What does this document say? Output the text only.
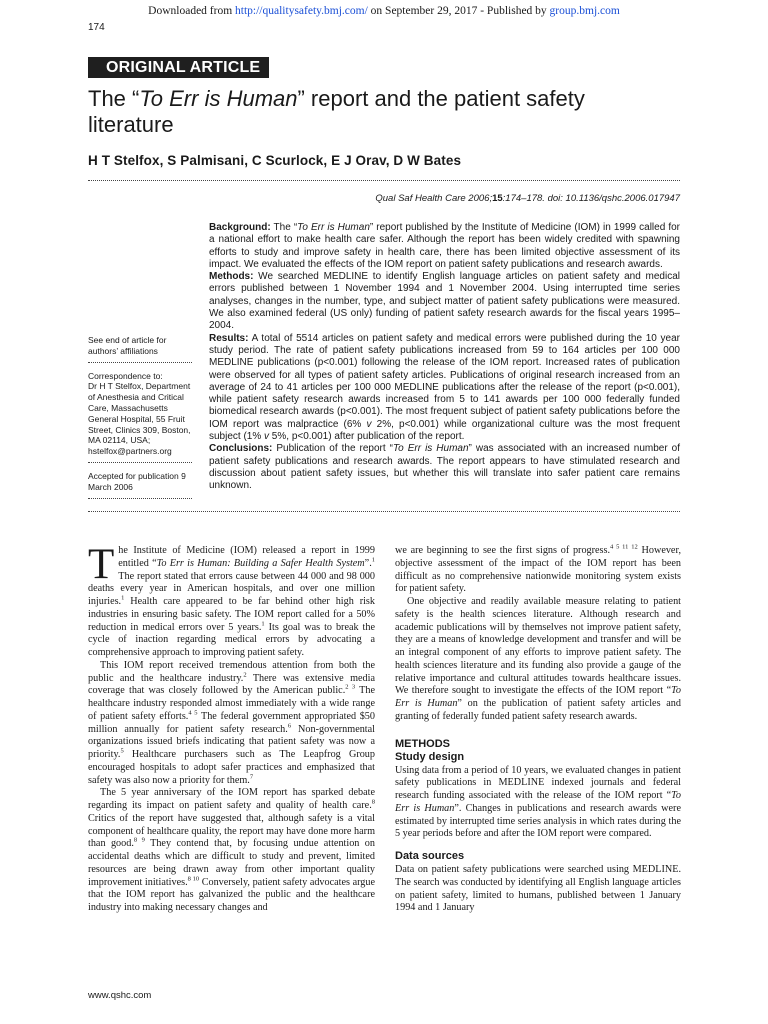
Downloaded from http://qualitysafety.bmj.com/ on September 29, 2017 - Published by group.bmj.com
174
ORIGINAL ARTICLE
The “To Err is Human” report and the patient safety literature
H T Stelfox, S Palmisani, C Scurlock, E J Orav, D W Bates
Qual Saf Health Care 2006;15:174–178. doi: 10.1136/qshc.2006.017947

Background: The “To Err is Human” report published by the Institute of Medicine (IOM) in 1999 called for a national effort to make health care safer. Although the report has been widely credited with spawning efforts to study and improve safety in health care, there has been limited objective assessment of its impact. We evaluated the effects of the IOM report on patient safety publications and research awards.

Methods: We searched MEDLINE to identify English language articles on patient safety and medical errors published between 1 November 1994 and 1 November 2004. Using interrupted time series analyses, changes in the number, type, and subject matter of patient safety publications were measured. We also examined federal (US only) funding of patient safety research awards for the fiscal years 1995–2004.

Results: A total of 5514 articles on patient safety and medical errors were published during the 10 year study period. The rate of patient safety publications increased from 59 to 164 articles per 100 000 MEDLINE publications (p<0.001) following the release of the IOM report. Increased rates of publication were observed for all types of patient safety articles. Publications of original research increased from an average of 24 to 41 articles per 100 000 MEDLINE publications after the release of the report (p<0.001), while patient safety research awards increased from 5 to 141 awards per 100 000 federally funded biomedical research awards (p<0.001). The most frequent subject of patient safety publications before the IOM report was malpractice (6% v 2%, p<0.001) while organizational culture was the most frequent subject (1% v 5%, p<0.001) after publication of the report.

Conclusions: Publication of the report “To Err is Human” was associated with an increased number of patient safety publications and research awards. The report appears to have stimulated research and discussion about patient safety issues, but whether this will translate into safer patient care remains unknown.

See end of article for authors’ affiliations

Correspondence to:

Dr H T Stelfox, Department of Anesthesia and Critical Care, Massachusetts General Hospital, 55 Fruit Street, Clinics 309, Boston, MA 02114, USA; hstelfox@partners.org

Accepted for publication 9 March 2006

The Institute of Medicine (IOM) released a report in 1999 entitled “To Err is Human: Building a Safer Health System”.$^1$ The report stated that errors cause between 44 000 and 98 000 deaths every year in American hospitals, and over one million injuries.$^1$ Health care appeared to be far behind other high risk industries in ensuring basic safety. The IOM report called for a 50% reduction in medical errors over 5 years.$^1$ Its goal was to break the cycle of inaction regarding medical errors by advocating a comprehensive approach to improving patient safety.

This IOM report received tremendous attention from both the public and the healthcare industry.$^2$ There was extensive media coverage that was closely followed by the American public.$^{2 3}$ The healthcare industry responded almost immediately with a wide range of patient safety efforts.$^{4 5}$ The federal government appropriated $50 million annually for patient safety research.$^6$ Non-governmental organizations issued briefs indicating that patient safety was now a priority.$^5$ Healthcare purchasers such as The Leapfrog Group encouraged hospitals to adopt safer practices and emphasized that safety was also now a priority for them.$^7$

The 5 year anniversary of the IOM report has sparked debate regarding its impact on patient safety and quality of health care.$^8$ Critics of the report have suggested that, although safety is a vital component of healthcare quality, the report may have done more harm than good.$^{8 9}$ They contend that, by focusing undue attention on accidental deaths which are difficult to study and prevent, limited resources are being drawn away from other important quality improvement initiatives.$^{8 10}$ Conversely, patient safety advocates argue that the IOM report has galvanized the public and the healthcare industry into making necessary changes and

we are beginning to see the first signs of progress.$^{4 5 11 12}$ However, objective assessment of the impact of the IOM report has been difficult as no comprehensive nationwide monitoring system exists for patient safety.

One objective and readily available measure relating to patient safety is the health sciences literature. Although research and academic publications will by themselves not improve patient safety, they are a means of knowledge development and transfer and will be an integral component of any efforts to improve patient safety. The health sciences literature and its funding also provide a gauge of the relative importance and cultural attitudes towards healthcare issues. We therefore sought to investigate the effects of the IOM report “To Err is Human” on the publication of patient safety articles and granting of federally funded patient safety research awards.

METHODS
Study design

Using data from a period of 10 years, we evaluated changes in patient safety publications in MEDLINE indexed journals and federal research funding associated with the release of the IOM report “To Err is Human”. Changes in publications and research awards were estimated by interrupted time series analysis in which rates during the 5 year periods before and after the IOM report were compared.

Data sources

Data on patient safety publications were searched using MEDLINE. The search was conducted by identifying all English language articles on patient safety, limited to humans, published between 1 January 1994 and 1 January

www.qshc.com
